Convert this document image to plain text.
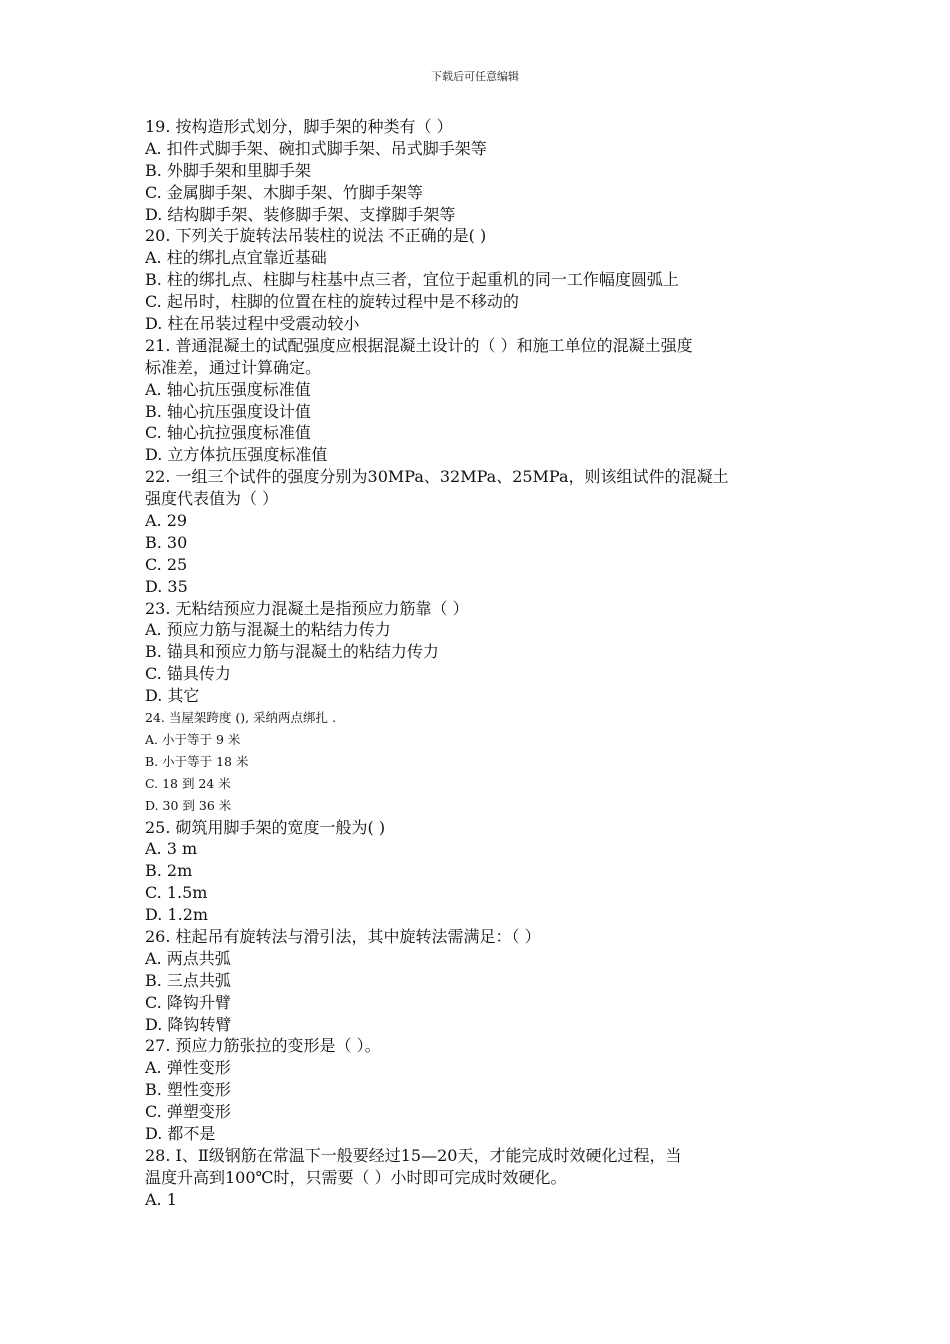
下载后可任意编辑
19. 按构造形式划分，脚手架的种类有（ ）
A. 扣件式脚手架、碗扣式脚手架、吊式脚手架等
B. 外脚手架和里脚手架
C. 金属脚手架、木脚手架、竹脚手架等
D. 结构脚手架、装修脚手架、支撑脚手架等
20. 下列关于旋转法吊装柱的说法 不正确的是( )
A. 柱的绑扎点宜靠近基础
B. 柱的绑扎点、柱脚与柱基中点三者，宜位于起重机的同一工作幅度圆弧上
C. 起吊时，柱脚的位置在柱的旋转过程中是不移动的
D. 柱在吊装过程中受震动较小
21. 普通混凝土的试配强度应根据混凝土设计的（ ）和施工单位的混凝土强度
标准差，通过计算确定。
A. 轴心抗压强度标准值
B. 轴心抗压强度设计值
C. 轴心抗拉强度标准值
D. 立方体抗压强度标准值
22. 一组三个试件的强度分别为30MPa、32MPa、25MPa，则该组试件的混凝土
强度代表值为（ ）
A. 29
B. 30
C. 25
D. 35
23. 无粘结预应力混凝土是指预应力筋靠（ ）
A. 预应力筋与混凝土的粘结力传力
B. 锚具和预应力筋与混凝土的粘结力传力
C. 锚具传力
D. 其它
24. 当屋架跨度 (), 采纳两点绑扎 .
A. 小于等于 9 米
B. 小于等于 18 米
C. 18 到 24 米
D. 30 到 36 米
25. 砌筑用脚手架的宽度一般为( )
A. 3 m
B. 2m
C. 1.5m
D. 1.2m
26. 柱起吊有旋转法与滑引法，其中旋转法需满足：（ ）
A. 两点共弧
B. 三点共弧
C. 降钩升臂
D. 降钩转臂
27. 预应力筋张拉的变形是（ ）。
A. 弹性变形
B. 塑性变形
C. 弹塑变形
D. 都不是
28. Ⅰ、Ⅱ级钢筋在常温下一般要经过15—20天，才能完成时效硬化过程，当
温度升高到100℃时，只需要（ ）小时即可完成时效硬化。
A. 1
